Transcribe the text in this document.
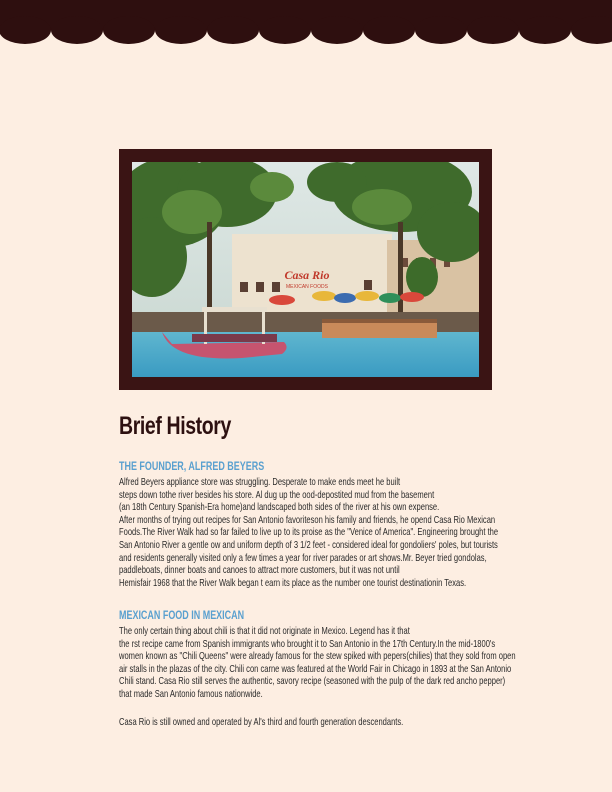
Casa Rio
MEXICAN FOODS
Brief History
THE FOUNDER, ALFRED BEYERS
Alfred Beyers appliance store was struggling. Desperate to make ends meet he built
steps down tothe river besides his store. Al dug up the ood-depostited mud from the basement
(an 18th Century Spanish-Era home)and landscaped both sides of the river at his own expense.
After months of trying out recipes for San Antonio favoriteson his family and friends, he opend Casa Rio Mexican
Foods.The River Walk had so far failed to live up to its proise as the "Venice of America". Engineering brought the
San Antonio River a gentle ow and uniform depth of 3 1/2 feet - considered ideal for gondoliers' poles, but tourists
and residents generally visited only a few times a year for river parades or art shows.Mr. Beyer tried gondolas,
paddleboats, dinner boats and canoes to attract more customers, but it was not until
Hemisfair 1968 that the River Walk began t earn its place as the number one tourist destinationin Texas.
MEXICAN FOOD IN MEXICAN
The only certain thing about chili is that it did not originate in Mexico. Legend has it that
the rst recipe came from Spanish immigrants who brought it to San Antonio in the 17th Century.In the mid-1800's
women known as "Chili Queens" were already famous for the stew spiked with pepers(chilies) that they sold from open
air stalls in the plazas of the city. Chili con carne was featured at the World Fair in Chicago in 1893 at the San Antonio
Chili stand. Casa Rio still serves the authentic, savory recipe (seasoned with the pulp of the dark red ancho pepper)
that made San Antonio famous nationwide.
Casa Rio is still owned and operated by Al's third and fourth generation descendants.
